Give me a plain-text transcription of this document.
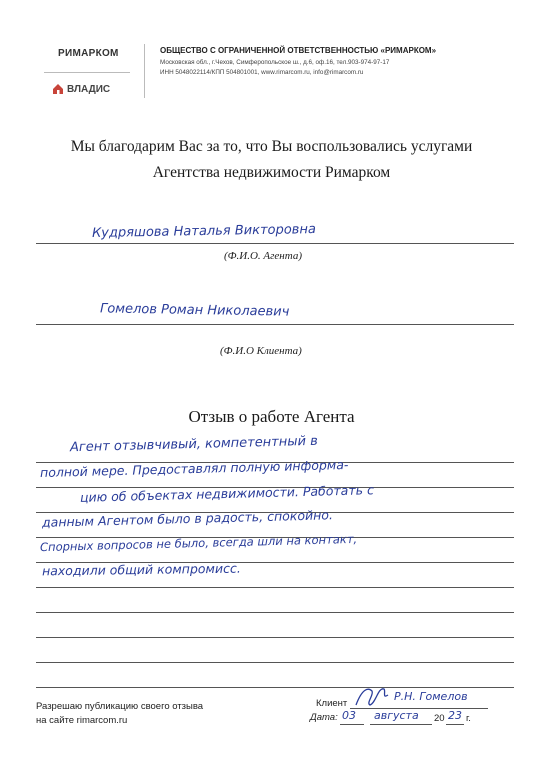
РИМАРКОМ
ВЛАДИС
ОБЩЕСТВО С ОГРАНИЧЕННОЙ ОТВЕТСТВЕННОСТЬЮ «РИМАРКОМ»
Московская обл., г.Чехов, Симферопольское ш., д.6, оф.16, тел.903-974-97-17
ИНН 5048022114/КПП 504801001, www.rimarcom.ru, info@rimarcom.ru
Мы благодарим Вас за то, что Вы воспользовались услугами
Агентства недвижимости Римарком
Кудряшова Наталья Викторовна
(Ф.И.О. Агента)
Гомелов Роман Николаевич
(Ф.И.О Клиента)
Отзыв о работе Агента
Агент отзывчивый, компетентный в
полной мере. Предоставлял полную информа-
цию об объектах недвижимости. Работать с
данным Агентом было в радость, спокойно.
Спорных вопросов не было, всегда шли на контакт,
находили общий компромисс.
Разрешаю публикацию своего отзыва
на сайте rimarcom.ru
Клиент
Р.Н. Гомелов
Дата: 03 августа 20 23 г.
